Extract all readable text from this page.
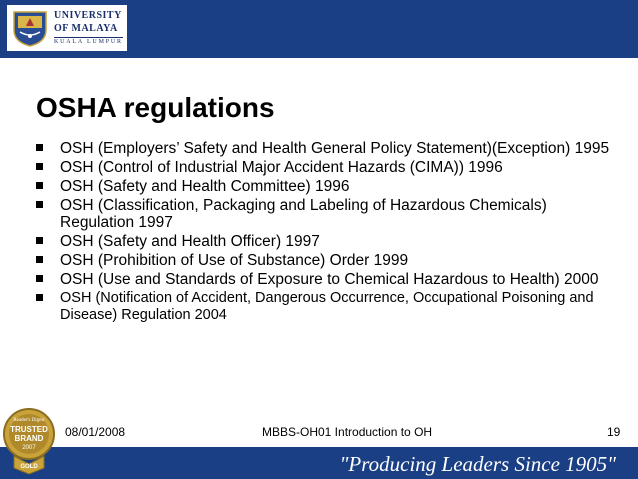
UNIVERSITY
OF MALAYA
KUALA LUMPUR
OSHA regulations
OSH (Employers’ Safety and Health General Policy Statement)(Exception) 1995
OSH (Control of Industrial Major Accident Hazards (CIMA)) 1996
OSH (Safety and Health Committee) 1996
OSH (Classification, Packaging and Labeling of Hazardous Chemicals) Regulation 1997
OSH (Safety and Health Officer) 1997
OSH (Prohibition of Use of Substance) Order 1999
OSH (Use and Standards of Exposure to Chemical Hazardous to Health) 2000
OSH (Notification of Accident, Dangerous Occurrence, Occupational Poisoning and Disease) Regulation 2004
08/01/2008	MBBS-OH01 Introduction to OH	19
"Producing Leaders Since 1905"
Reader's Digest
TRUSTED
BRAND
2007
GOLD
